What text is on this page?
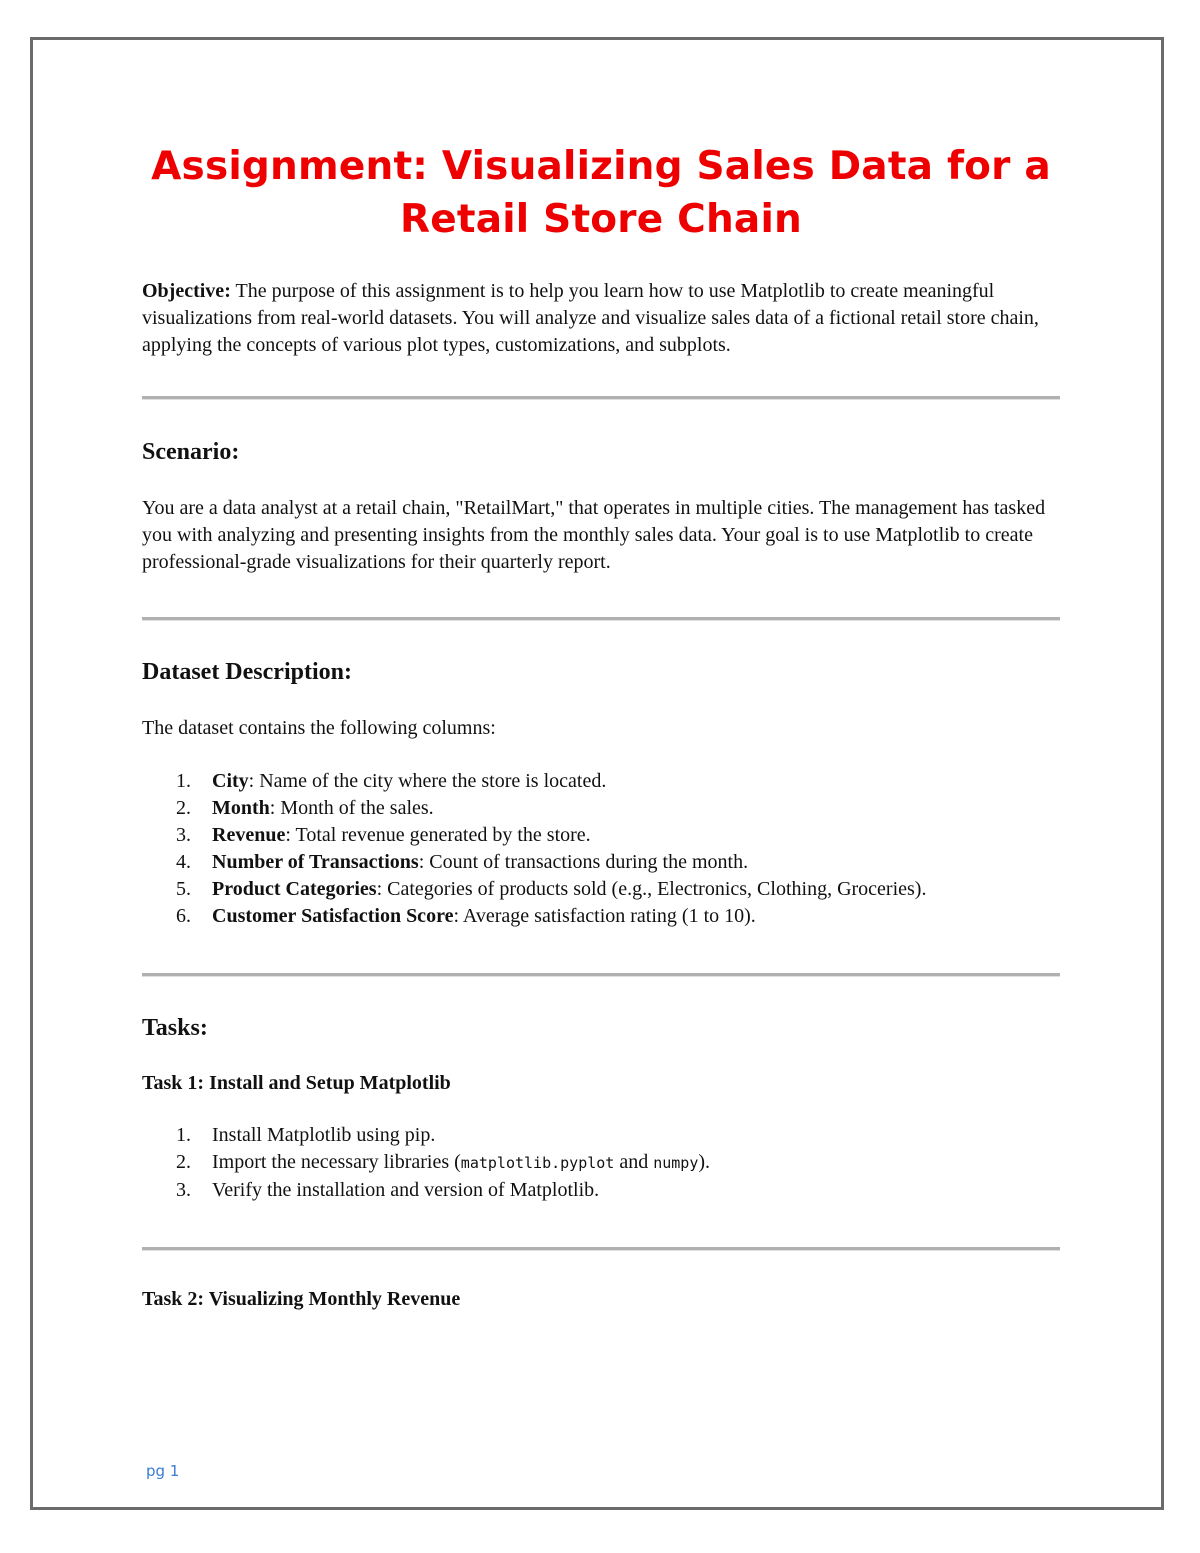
Assignment: Visualizing Sales Data for a Retail Store Chain

Objective: The purpose of this assignment is to help you learn how to use Matplotlib to create meaningful visualizations from real-world datasets. You will analyze and visualize sales data of a fictional retail store chain, applying the concepts of various plot types, customizations, and subplots.

Scenario:

You are a data analyst at a retail chain, "RetailMart," that operates in multiple cities. The management has tasked you with analyzing and presenting insights from the monthly sales data. Your goal is to use Matplotlib to create professional-grade visualizations for their quarterly report.

Dataset Description:

The dataset contains the following columns:

1.	City: Name of the city where the store is located.
2.	Month: Month of the sales.
3.	Revenue: Total revenue generated by the store.
4.	Number of Transactions: Count of transactions during the month.
5.	Product Categories: Categories of products sold (e.g., Electronics, Clothing, Groceries).
6.	Customer Satisfaction Score: Average satisfaction rating (1 to 10).
Tasks:
Task 1: Install and Setup Matplotlib
1.	Install Matplotlib using pip.
2.	Import the necessary libraries (matplotlib.pyplot and numpy).
3.	Verify the installation and version of Matplotlib.
Task 2: Visualizing Monthly Revenue
pg 1
